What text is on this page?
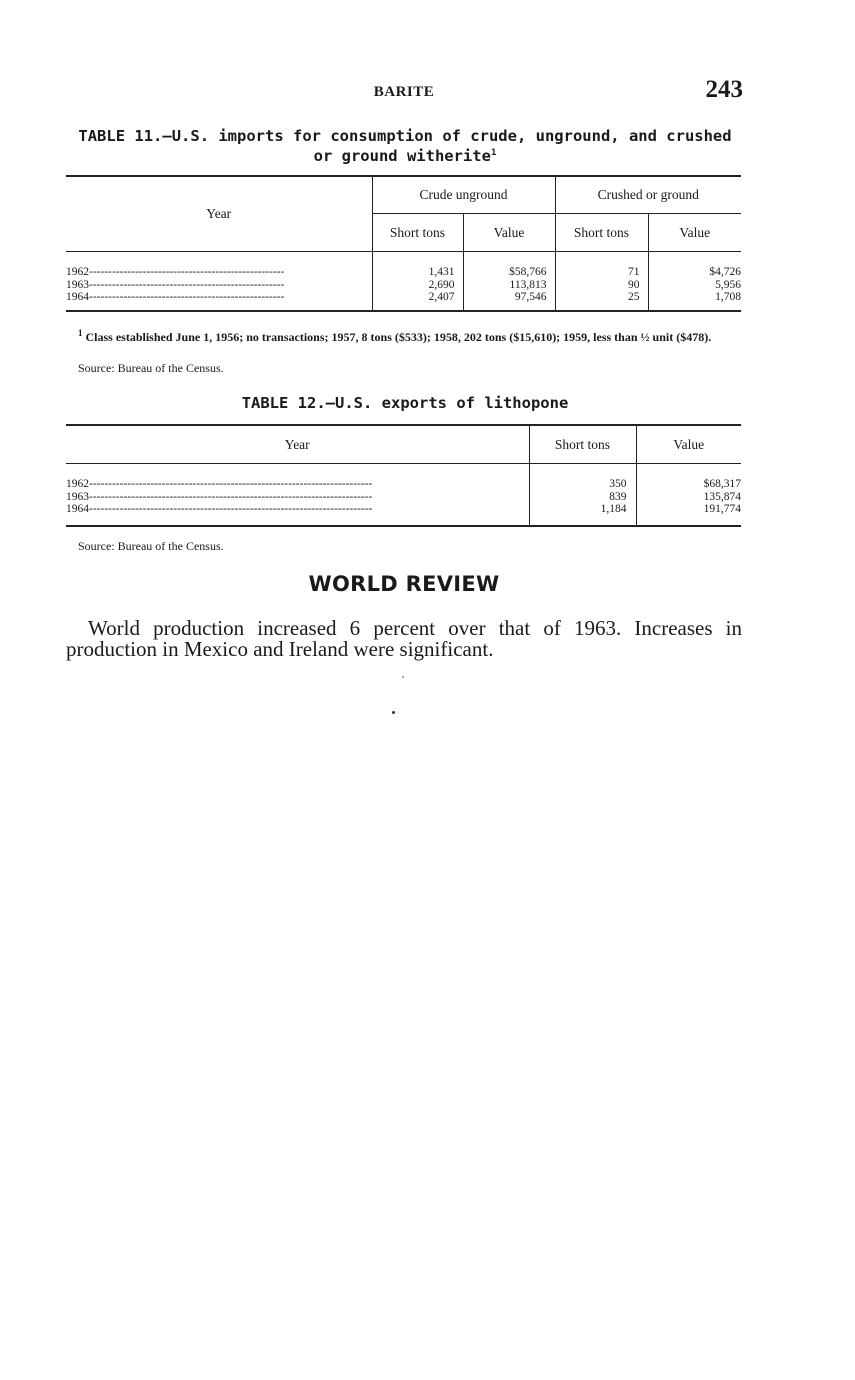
BARITE	243
TABLE 11.—U.S. imports for consumption of crude, unground, and crushed or ground witherite$^1$
Year	Crude unground		Crushed or ground	
	Short tons	Value	Short tons	Value
1962---------------------------------------------------	1,431	$58,766	71	$4,726
1963---------------------------------------------------	2,690	113,813	90	5,956
1964---------------------------------------------------	2,407	97,546	25	1,708
$^1$ Class established June 1, 1956; no transactions; 1957, 8 tons ($533); 1958, 202 tons ($15,610); 1959, less than ½ unit ($478).
Source: Bureau of the Census.
TABLE 12.—U.S. exports of lithopone
Year	Short tons	Value
1962--------------------------------------------------------------------------	350	$68,317
1963--------------------------------------------------------------------------	839	135,874
1964--------------------------------------------------------------------------	1,184	191,774
Source: Bureau of the Census.
WORLD REVIEW
World production increased 6 percent over that of 1963. Increases in production in Mexico and Ireland were significant.
